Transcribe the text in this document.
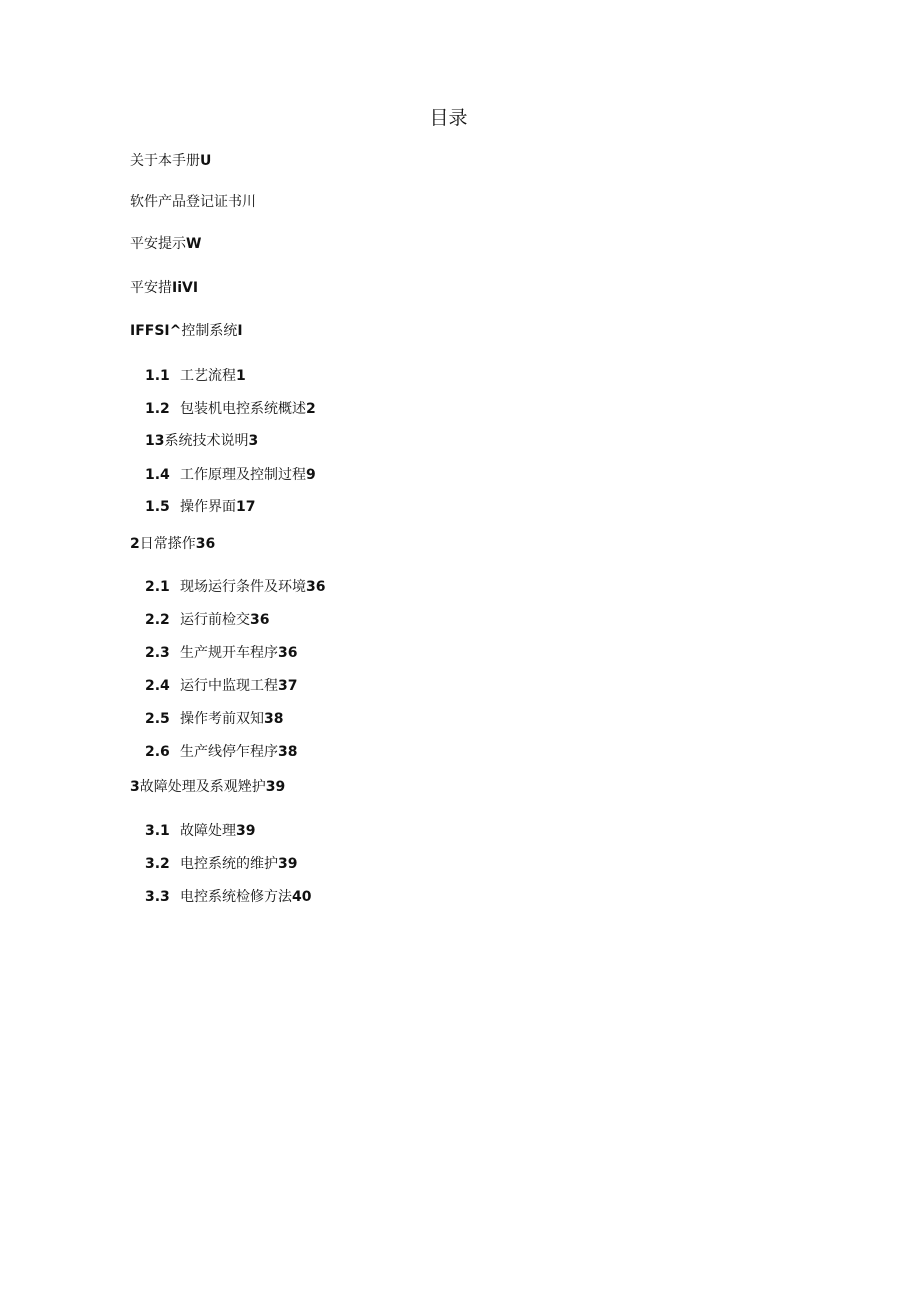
目录
关于本手册U
软件产品登记证书川
平安提示W
平安措IiVI
IFFSI^控制系统I
1.1 工艺流程1
1.2 包装机电控系统概述2
13系统技术说明3
1.4 工作原理及控制过程9
1.5 操作界面17
2日常搽作36
2.1 现场运行条件及环境36
2.2 运行前检交36
2.3 生产规开车程序36
2.4 运行中监现工程37
2.5 操作考前双知38
2.6 生产线停乍程序38
3故障处理及系观矬护39
3.1 故障处理39
3.2 电控系统的维护39
3.3 电控系统检修方法40
